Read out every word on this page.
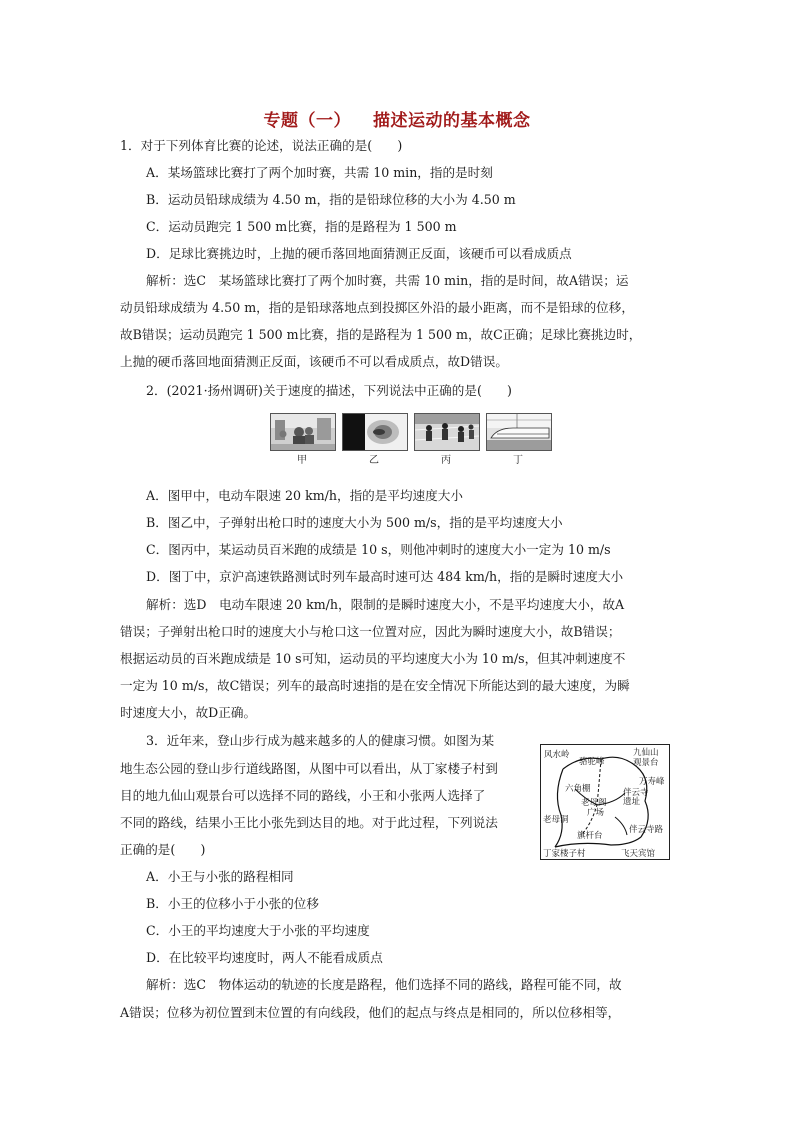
专题（一） 描述运动的基本概念
1．对于下列体育比赛的论述，说法正确的是(　　)
A．某场篮球比赛打了两个加时赛，共需 10 min，指的是时刻
B．运动员铅球成绩为 4.50 m，指的是铅球位移的大小为 4.50 m
C．运动员跑完 1 500 m比赛，指的是路程为 1 500 m
D．足球比赛挑边时，上抛的硬币落回地面猜测正反面，该硬币可以看成质点
解析：选C　某场篮球比赛打了两个加时赛，共需 10 min，指的是时间，故A错误；运
动员铅球成绩为 4.50 m，指的是铅球落地点到投掷区外沿的最小距离，而不是铅球的位移，
故B错误；运动员跑完 1 500 m比赛，指的是路程为 1 500 m，故C正确；足球比赛挑边时，
上抛的硬币落回地面猜测正反面，该硬币不可以看成质点，故D错误。
2．(2021·扬州调研)关于速度的描述，下列说法中正确的是(　　)
甲	乙	丙	丁
A．图甲中，电动车限速 20 km/h，指的是平均速度大小
B．图乙中，子弹射出枪口时的速度大小为 500 m/s，指的是平均速度大小
C．图丙中，某运动员百米跑的成绩是 10 s，则他冲刺时的速度大小一定为 10 m/s
D．图丁中，京沪高速铁路测试时列车最高时速可达 484 km/h，指的是瞬时速度大小
解析：选D　电动车限速 20 km/h，限制的是瞬时速度大小，不是平均速度大小，故A
错误；子弹射出枪口时的速度大小与枪口这一位置对应，因此为瞬时速度大小，故B错误；
根据运动员的百米跑成绩是 10 s可知，运动员的平均速度大小为 10 m/s，但其冲刺速度不
一定为 10 m/s，故C错误；列车的最高时速指的是在安全情况下所能达到的最大速度，为瞬
时速度大小，故D正确。
3．近年来，登山步行成为越来越多的人的健康习惯。如图为某
地生态公园的登山步行道线路图，从图中可以看出，从丁家楼子村到
目的地九仙山观景台可以选择不同的路线，小王和小张两人选择了
不同的路线，结果小王比小张先到达目的地。对于此过程，下列说法
正确的是(　　)
风水岭
骆驼峰
九仙山
观景台
六角棚
老母阁
广场
老母洞
伴云寺遗址
万寿峰
伴云寺路
旗杆台
丁家楼子村	飞天宾馆
A．小王与小张的路程相同
B．小王的位移小于小张的位移
C．小王的平均速度大于小张的平均速度
D．在比较平均速度时，两人不能看成质点
解析：选C　物体运动的轨迹的长度是路程，他们选择不同的路线，路程可能不同，故
A错误；位移为初位置到末位置的有向线段，他们的起点与终点是相同的，所以位移相等，
